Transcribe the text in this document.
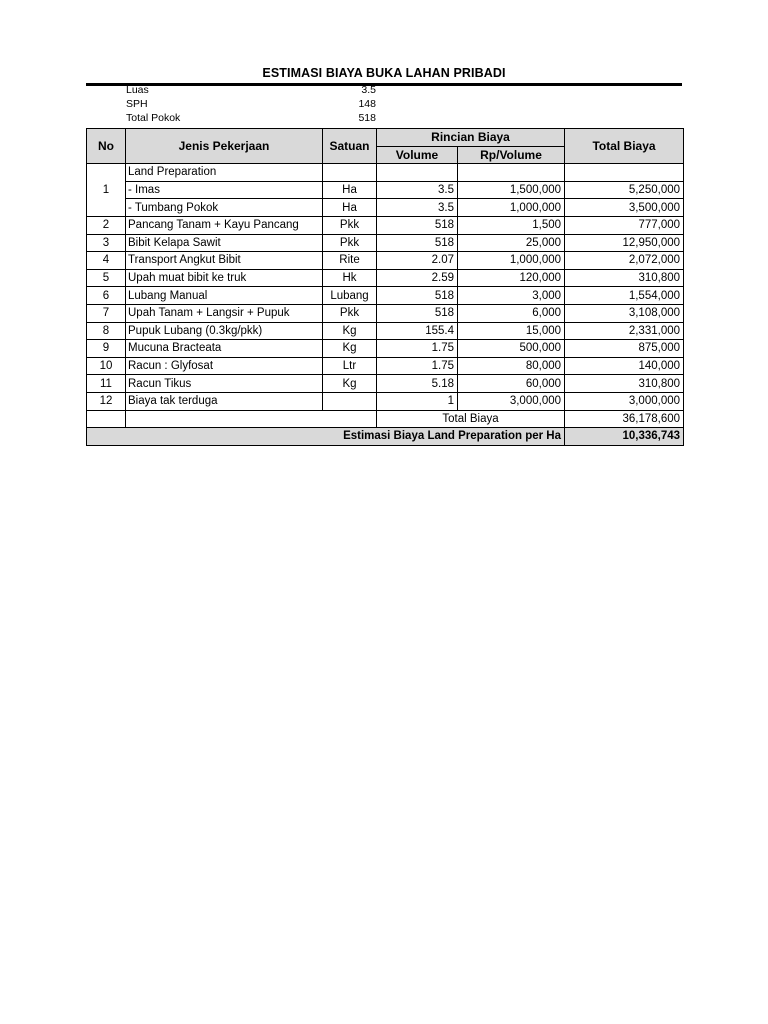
ESTIMASI BIAYA BUKA LAHAN PRIBADI
Luas	3.5
SPH	148
Total Pokok	518
No	Jenis Pekerjaan	Satuan	Rincian Biaya		Total Biaya
			Volume	Rp/Volume	
1	Land Preparation				
	- Imas	Ha	3.5	1,500,000	5,250,000
	- Tumbang Pokok	Ha	3.5	1,000,000	3,500,000
2	Pancang Tanam + Kayu Pancang	Pkk	518	1,500	777,000
3	Bibit Kelapa Sawit	Pkk	518	25,000	12,950,000
4	Transport Angkut Bibit	Rite	2.07	1,000,000	2,072,000
5	Upah muat bibit ke truk	Hk	2.59	120,000	310,800
6	Lubang Manual	Lubang	518	3,000	1,554,000
7	Upah Tanam + Langsir + Pupuk	Pkk	518	6,000	3,108,000
8	Pupuk Lubang (0.3kg/pkk)	Kg	155.4	15,000	2,331,000
9	Mucuna Bracteata	Kg	1.75	500,000	875,000
10	Racun : Glyfosat	Ltr	1.75	80,000	140,000
11	Racun Tikus	Kg	5.18	60,000	310,800
12	Biaya tak terduga		1	3,000,000	3,000,000
			Total Biaya		36,178,600
Estimasi Biaya Land Preparation per Ha					10,336,743
